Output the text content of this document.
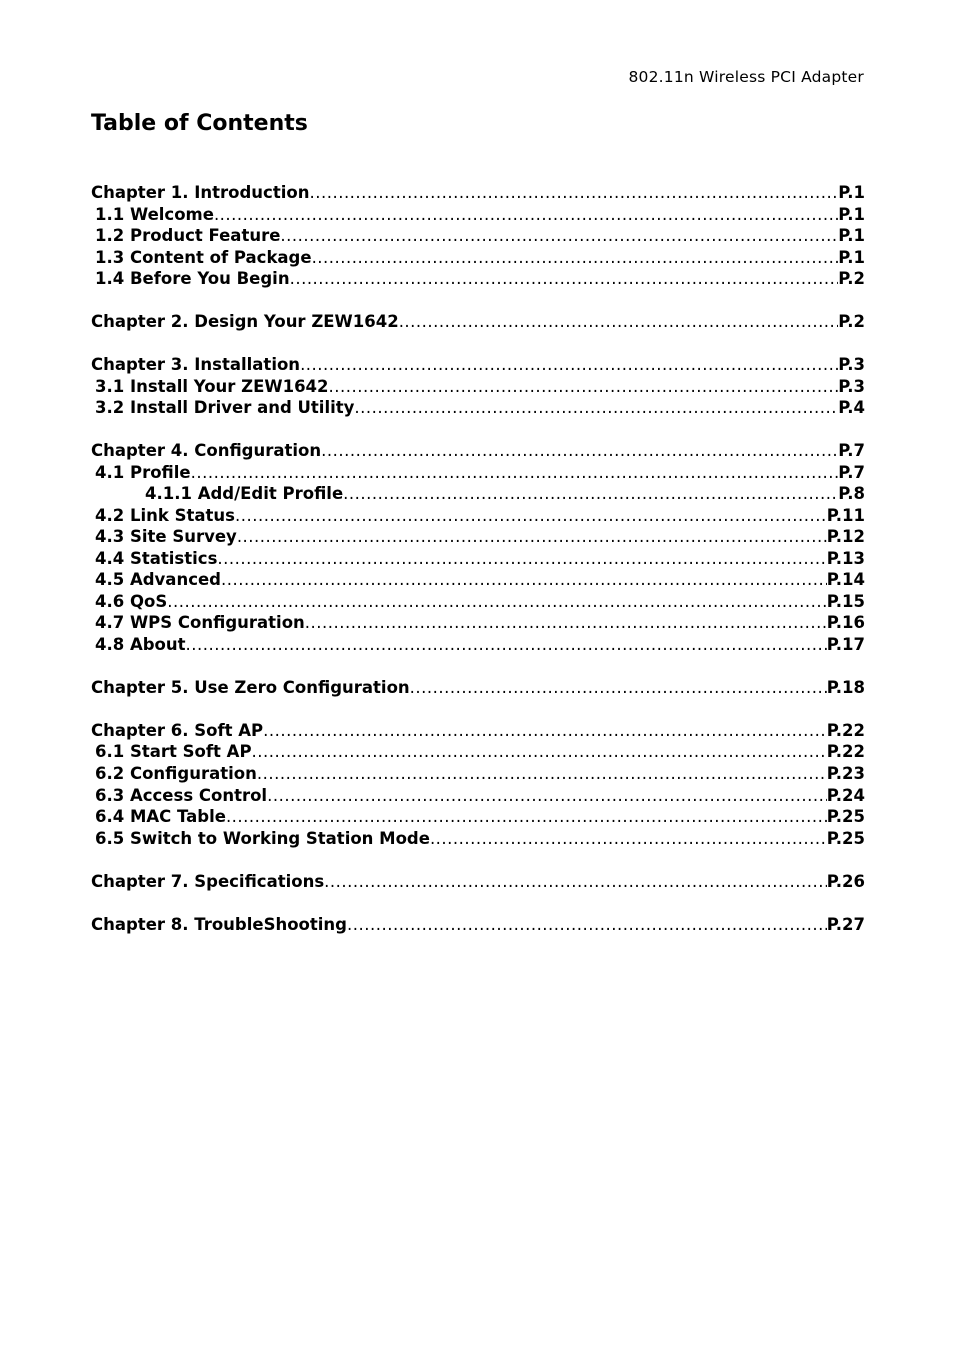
802.11n Wireless PCI Adapter
Table of Contents
Chapter 1. Introduction .....	P.1
1.1 Welcome .....	P.1
1.2 Product Feature .....	P.1
1.3 Content of Package .....	P.1
1.4 Before You Begin .....	P.2
Chapter 2. Design Your ZEW1642 .....	P.2
Chapter 3. Installation .....	P.3
3.1 Install Your ZEW1642 .....	P.3
3.2 Install Driver and Utility .....	P.4
Chapter 4. Configuration .....	P.7
4.1 Profile .....	P.7
4.1.1 Add/Edit Profile .....	P.8
4.2 Link Status .....	P.11
4.3 Site Survey .....	P.12
4.4 Statistics .....	P.13
4.5 Advanced .....	P.14
4.6 QoS .....	P.15
4.7 WPS Configuration .....	P.16
4.8 About .....	P.17
Chapter 5. Use Zero Configuration .....	P.18
Chapter 6. Soft AP .....	P.22
6.1 Start Soft AP .....	P.22
6.2 Configuration .....	P.23
6.3 Access Control .....	P.24
6.4 MAC Table .....	P.25
6.5 Switch to Working Station Mode .....	P.25
Chapter 7. Specifications .....	P.26
Chapter 8. TroubleShooting .....	P.27
